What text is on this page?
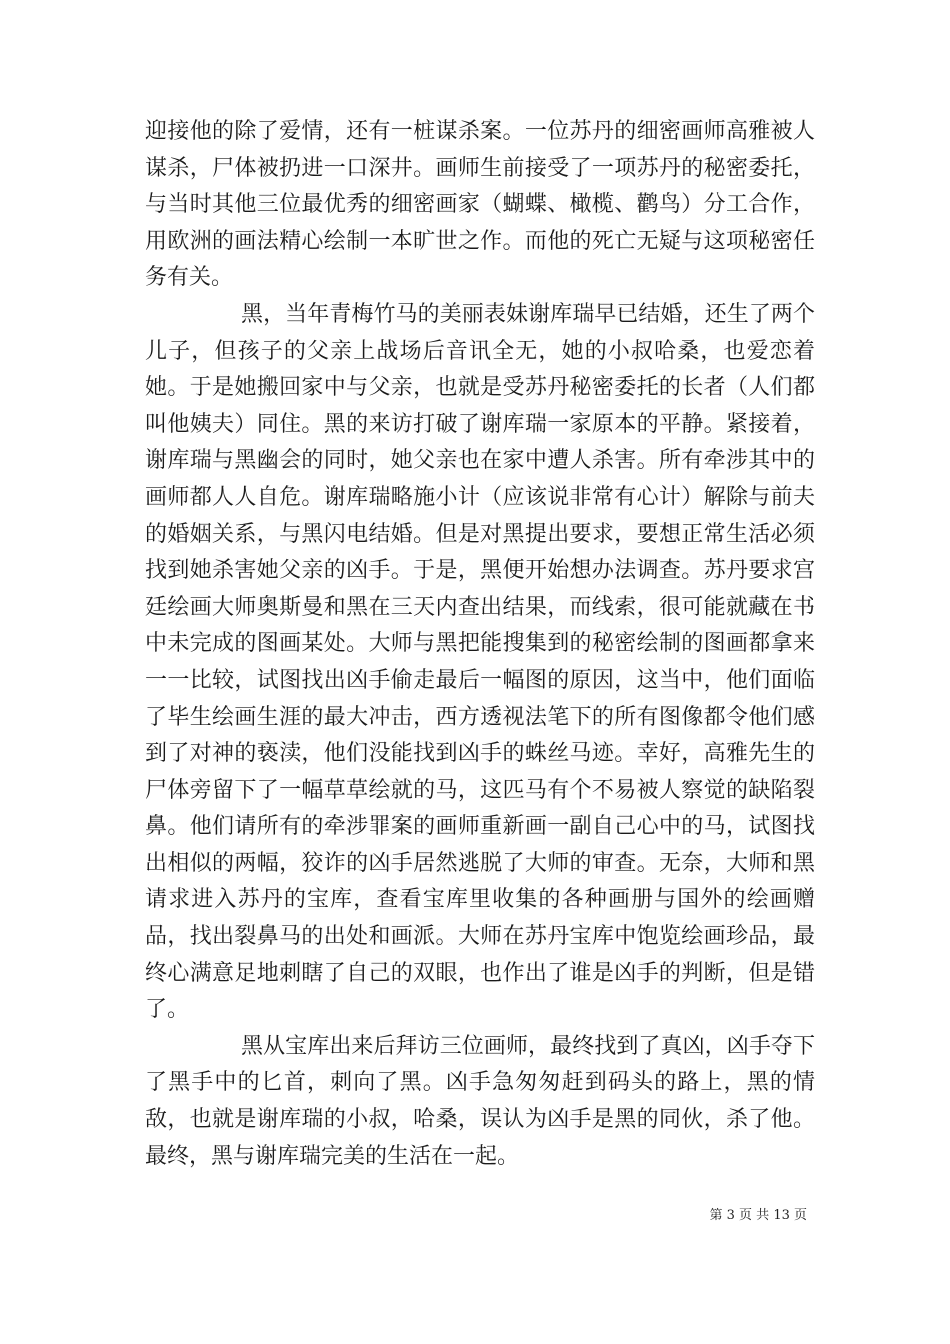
迎接他的除了爱情，还有一桩谋杀案。一位苏丹的细密画师高雅被人谋杀，尸体被扔进一口深井。画师生前接受了一项苏丹的秘密委托，与当时其他三位最优秀的细密画家（蝴蝶、橄榄、鹳鸟）分工合作，用欧洲的画法精心绘制一本旷世之作。而他的死亡无疑与这项秘密任务有关。

黑，当年青梅竹马的美丽表妹谢库瑞早已结婚，还生了两个儿子，但孩子的父亲上战场后音讯全无，她的小叔哈桑，也爱恋着她。于是她搬回家中与父亲，也就是受苏丹秘密委托的长者（人们都叫他姨夫）同住。黑的来访打破了谢库瑞一家原本的平静。紧接着，谢库瑞与黑幽会的同时，她父亲也在家中遭人杀害。所有牵涉其中的画师都人人自危。谢库瑞略施小计（应该说非常有心计）解除与前夫的婚姻关系，与黑闪电结婚。但是对黑提出要求，要想正常生活必须找到她杀害她父亲的凶手。于是，黑便开始想办法调查。苏丹要求宫廷绘画大师奥斯曼和黑在三天内查出结果，而线索，很可能就藏在书中未完成的图画某处。大师与黑把能搜集到的秘密绘制的图画都拿来一一比较，试图找出凶手偷走最后一幅图的原因，这当中，他们面临了毕生绘画生涯的最大冲击，西方透视法笔下的所有图像都令他们感到了对神的亵渎，他们没能找到凶手的蛛丝马迹。幸好，高雅先生的尸体旁留下了一幅草草绘就的马，这匹马有个不易被人察觉的缺陷裂鼻。他们请所有的牵涉罪案的画师重新画一副自己心中的马，试图找出相似的两幅，狡诈的凶手居然逃脱了大师的审查。无奈，大师和黑请求进入苏丹的宝库，查看宝库里收集的各种画册与国外的绘画赠品，找出裂鼻马的出处和画派。大师在苏丹宝库中饱览绘画珍品，最终心满意足地刺瞎了自己的双眼，也作出了谁是凶手的判断，但是错了。

黑从宝库出来后拜访三位画师，最终找到了真凶，凶手夺下了黑手中的匕首，刺向了黑。凶手急匆匆赶到码头的路上，黑的情敌，也就是谢库瑞的小叔，哈桑，误认为凶手是黑的同伙，杀了他。最终，黑与谢库瑞完美的生活在一起。

第 3 页 共 13 页
